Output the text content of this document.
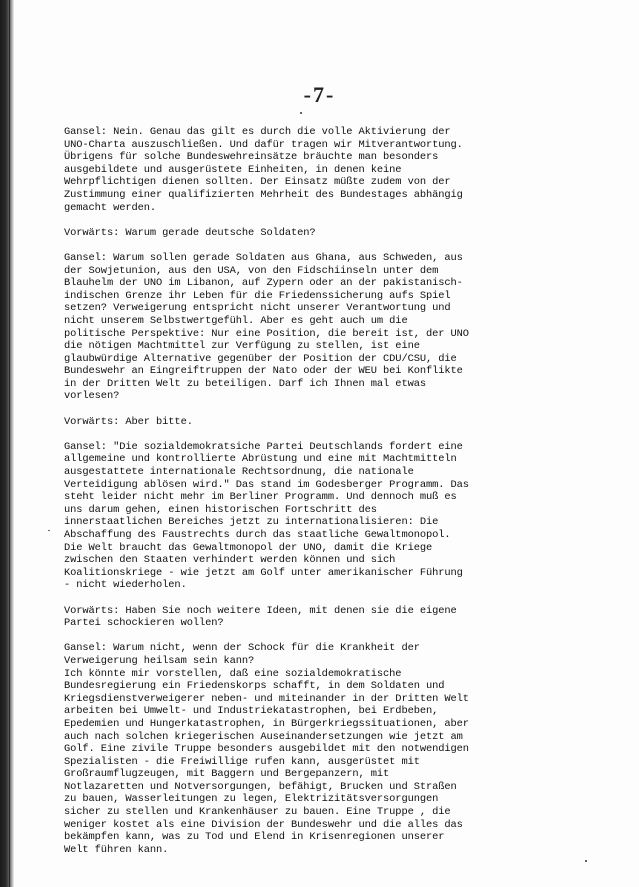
-7-
Gansel: Nein. Genau das gilt es durch die volle Aktivierung der
UNO-Charta auszuschließen. Und dafür tragen wir Mitverantwortung.
Übrigens für solche Bundeswehreinsätze bräuchte man besonders
ausgebildete und ausgerüstete Einheiten, in denen keine
Wehrpflichtigen dienen sollten. Der Einsatz müßte zudem von der
Zustimmung einer qualifizierten Mehrheit des Bundestages abhängig
gemacht werden.
Vorwärts: Warum gerade deutsche Soldaten?
Gansel: Warum sollen gerade Soldaten aus Ghana, aus Schweden, aus
der Sowjetunion, aus den USA, von den Fidschiinseln unter dem
Blauhelm der UNO im Libanon, auf Zypern oder an der pakistanisch-
indischen Grenze ihr Leben für die Friedenssicherung aufs Spiel
setzen? Verweigerung entspricht nicht unserer Verantwortung und
nicht unserem Selbstwertgefühl. Aber es geht auch um die
politische Perspektive: Nur eine Position, die bereit ist, der UNO
die nötigen Machtmittel zur Verfügung zu stellen, ist eine
glaubwürdige Alternative gegenüber der Position der CDU/CSU, die
Bundeswehr an Eingreiftruppen der Nato oder der WEU bei Konflikte
in der Dritten Welt zu beteiligen. Darf ich Ihnen mal etwas
vorlesen?
Vorwärts: Aber bitte.
Gansel: "Die sozialdemokratsiche Partei Deutschlands fordert eine
allgemeine und kontrollierte Abrüstung und eine mit Machtmitteln
ausgestattete internationale Rechtsordnung, die nationale
Verteidigung ablösen wird." Das stand im Godesberger Programm. Das
steht leider nicht mehr im Berliner Programm. Und dennoch muß es
uns darum gehen, einen historischen Fortschritt des
innerstaatlichen Bereiches jetzt zu internationalisieren: Die
Abschaffung des Faustrechts durch das staatliche Gewaltmonopol.
Die Welt braucht das Gewaltmonopol der UNO, damit die Kriege
zwischen den Staaten verhindert werden können und sich
Koalitionskriege - wie jetzt am Golf unter amerikanischer Führung
- nicht wiederholen.
Vorwärts: Haben Sie noch weitere Ideen, mit denen sie die eigene
Partei schockieren wollen?
Gansel: Warum nicht, wenn der Schock für die Krankheit der
Verweigerung heilsam sein kann?
Ich könnte mir vorstellen, daß eine sozialdemokratische
Bundesregierung ein Friedenskorps schafft, in dem Soldaten und
Kriegsdienstverweigerer neben- und miteinander in der Dritten Welt
arbeiten bei Umwelt- und Industriekatastrophen, bei Erdbeben,
Epedemien und Hungerkatastrophen, in Bürgerkriegssituationen, aber
auch nach solchen kriegerischen Auseinandersetzungen wie jetzt am
Golf. Eine zivile Truppe besonders ausgebildet mit den notwendigen
Spezialisten - die Freiwillige rufen kann, ausgerüstet mit
Großraumflugzeugen, mit Baggern und Bergepanzern, mit
Notlazaretten und Notversorgungen, befähigt, Brucken und Straßen
zu bauen, Wasserleitungen zu legen, Elektrizitätsversorgungen
sicher zu stellen und Krankenhäuser zu bauen. Eine Truppe , die
weniger kostet als eine Division der Bundeswehr und die alles das
bekämpfen kann, was zu Tod und Elend in Krisenregionen unserer
Welt führen kann.
